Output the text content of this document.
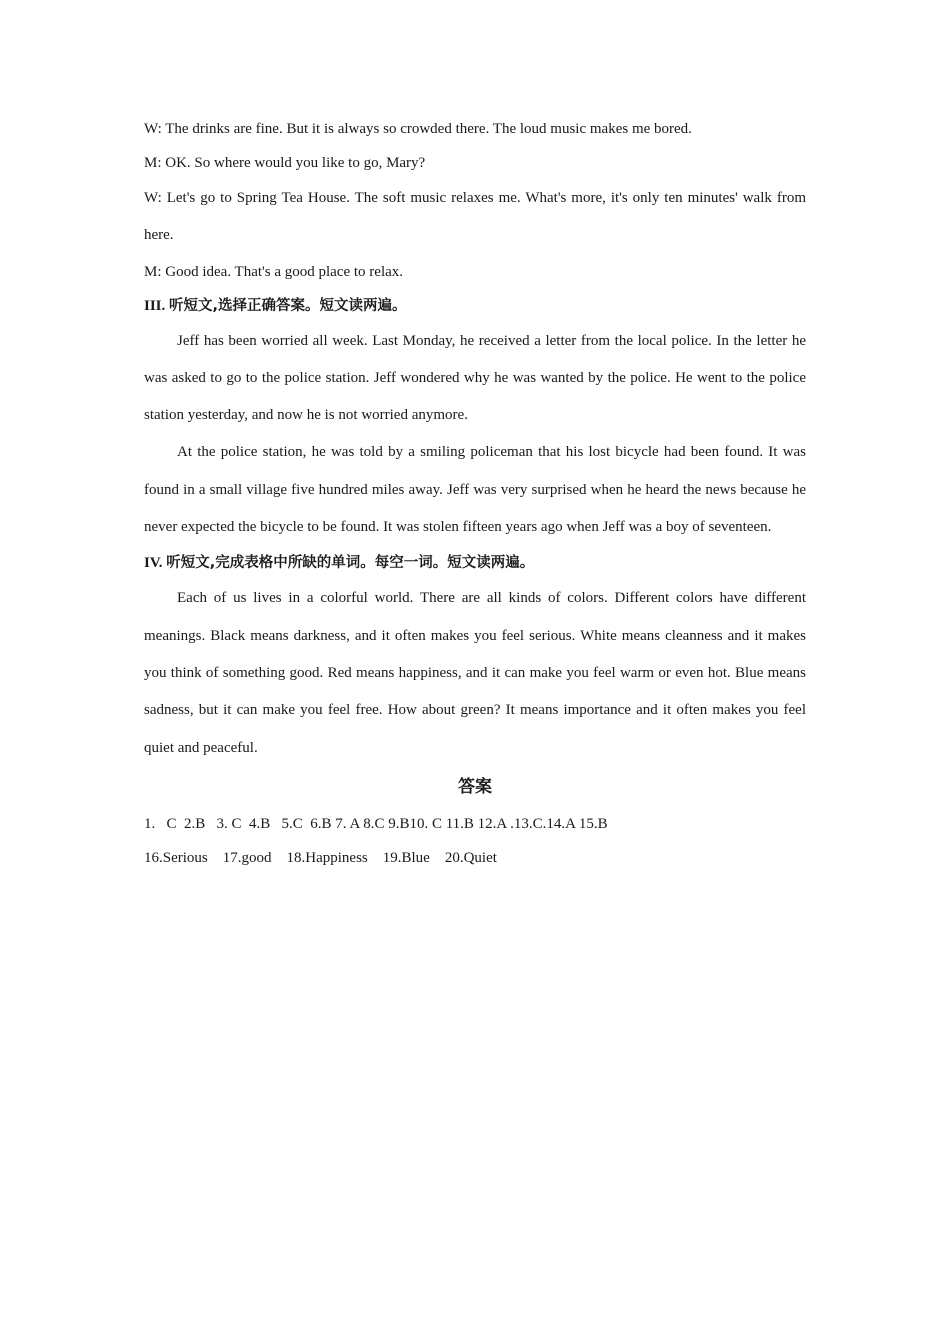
W: The drinks are fine. But it is always so crowded there. The loud music makes me bored.

M: OK. So where would you like to go, Mary?

W: Let's go to Spring Tea House. The soft music relaxes me. What's more, it's only ten minutes' walk from here.

M: Good idea. That's a good place to relax.

III. 听短文,选择正确答案。短文读两遍。

Jeff has been worried all week. Last Monday, he received a letter from the local police. In the letter he was asked to go to the police station. Jeff wondered why he was wanted by the police. He went to the police station yesterday, and now he is not worried anymore.

At the police station, he was told by a smiling policeman that his lost bicycle had been found. It was found in a small village five hundred miles away. Jeff was very surprised when he heard the news because he never expected the bicycle to be found. It was stolen fifteen years ago when Jeff was a boy of seventeen.

IV. 听短文,完成表格中所缺的单词。每空一词。短文读两遍。

Each of us lives in a colorful world. There are all kinds of colors. Different colors have different meanings. Black means darkness, and it often makes you feel serious. White means cleanness and it makes you think of something good. Red means happiness, and it can make you feel warm or even hot. Blue means sadness, but it can make you feel free. How about green? It means importance and it often makes you feel quiet and peaceful.

答案

1.   C  2.B   3. C  4.B   5.C  6.B 7. A 8.C 9.B10. C 11.B 12.A .13.C.14.A 15.B

16.Serious    17.good    18.Happiness    19.Blue    20.Quiet
